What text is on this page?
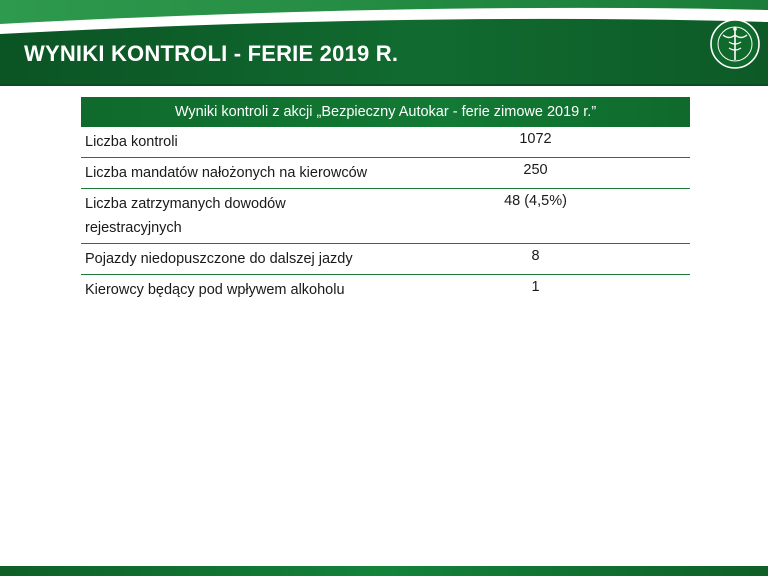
WYNIKI KONTROLI - FERIE 2019 R.
Wyniki kontroli z akcji „Bezpieczny Autokar - ferie zimowe 2019 r.”	
Liczba kontroli	1072
Liczba mandatów nałożonych na kierowców	250
Liczba zatrzymanych dowodów rejestracyjnych	48 (4,5%)
Pojazdy niedopuszczone do dalszej jazdy	8
Kierowcy będący pod wpływem alkoholu	1
